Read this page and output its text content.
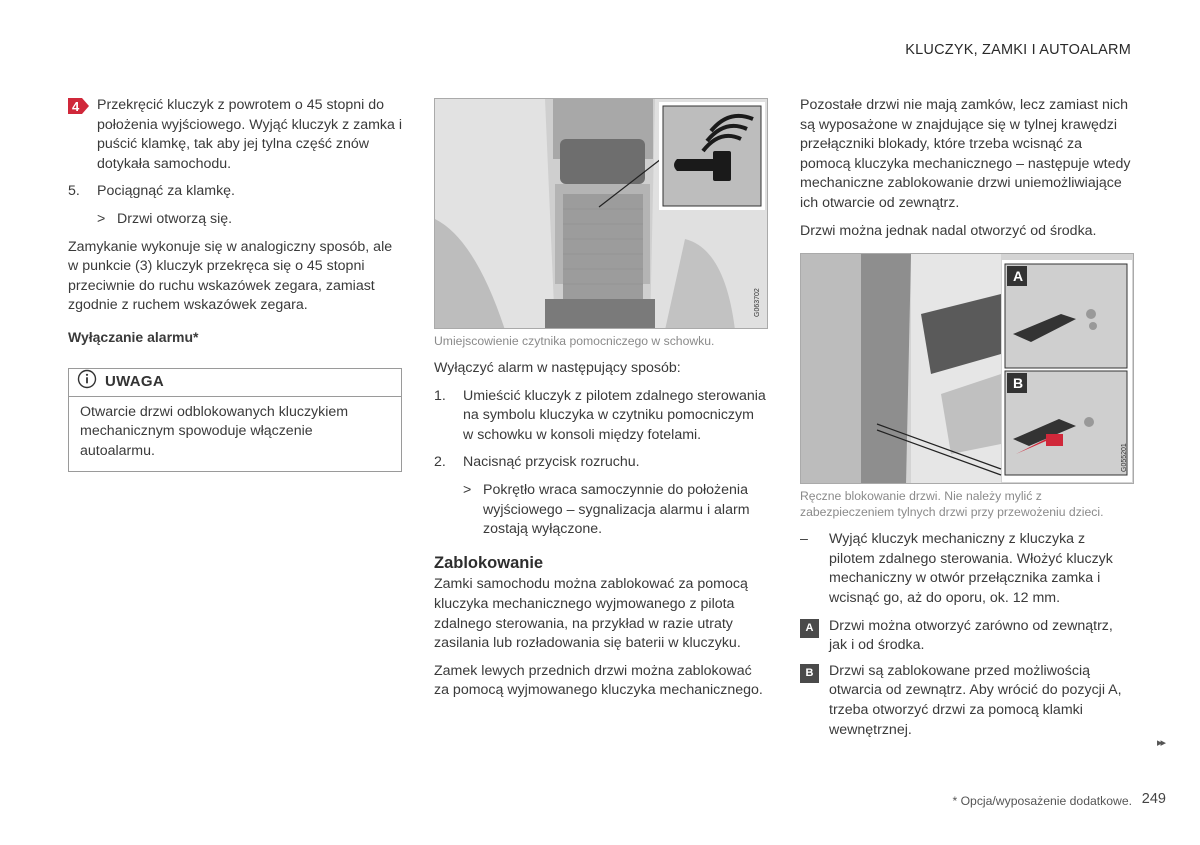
KLUCZYK, ZAMKI I AUTOALARM
4 Przekręcić kluczyk z powrotem o 45 stopni do położenia wyjściowego. Wyjąć kluczyk z zamka i puścić klamkę, tak aby jej tylna część znów dotykała samochodu.
5.	Pociągnąć za klamkę.
> Drzwi otworzą się.

Zamykanie wykonuje się w analogiczny sposób, ale w punkcie (3) kluczyk przekręca się o 45 stopni przeciwnie do ruchu wskazówek zegara, zamiast zgodnie z ruchem wskazówek zegara.

Wyłączanie alarmu*
UWAGA
Otwarcie drzwi odblokowanych kluczykiem mechanicznym spowoduje włączenie autoalarmu.
G063702
Umiejscowienie czytnika pomocniczego w schowku.

Wyłączyć alarm w następujący sposób:

1.	Umieścić kluczyk z pilotem zdalnego sterowania na symbolu kluczyka w czytniku pomocniczym w schowku w konsoli między fotelami.
2.	Nacisnąć przycisk rozruchu.
> Pokrętło wraca samoczynnie do położenia wyjściowego – sygnalizacja alarmu i alarm zostają wyłączone.
Zablokowanie

Zamki samochodu można zablokować za pomocą kluczyka mechanicznego wyjmowanego z pilota zdalnego sterowania, na przykład w razie utraty zasilania lub rozładowania się baterii w kluczyku.

Zamek lewych przednich drzwi można zablokować za pomocą wyjmowanego kluczyka mechanicznego.

Pozostałe drzwi nie mają zamków, lecz zamiast nich są wyposażone w znajdujące się w tylnej krawędzi przełączniki blokady, które trzeba wcisnąć za pomocą kluczyka mechanicznego – następuje wtedy mechaniczne zablokowanie drzwi uniemożliwiające ich otwarcie od zewnątrz.

Drzwi można jednak nadal otworzyć od środka.

A
B
G055201
Ręczne blokowanie drzwi. Nie należy mylić z zabezpieczeniem tylnych drzwi przy przewożeniu dzieci.
–	Wyjąć kluczyk mechaniczny z kluczyka z pilotem zdalnego sterowania. Włożyć kluczyk mechaniczny w otwór przełącznika zamka i wcisnąć go, aż do oporu, ok. 12 mm.
A	Drzwi można otworzyć zarówno od zewnątrz, jak i od środka.
B	Drzwi są zablokowane przed możliwością otwarcia od zewnątrz. Aby wrócić do pozycji A, trzeba otworzyć drzwi za pomocą klamki wewnętrznej.
▸▸
* Opcja/wyposażenie dodatkowe. 249
